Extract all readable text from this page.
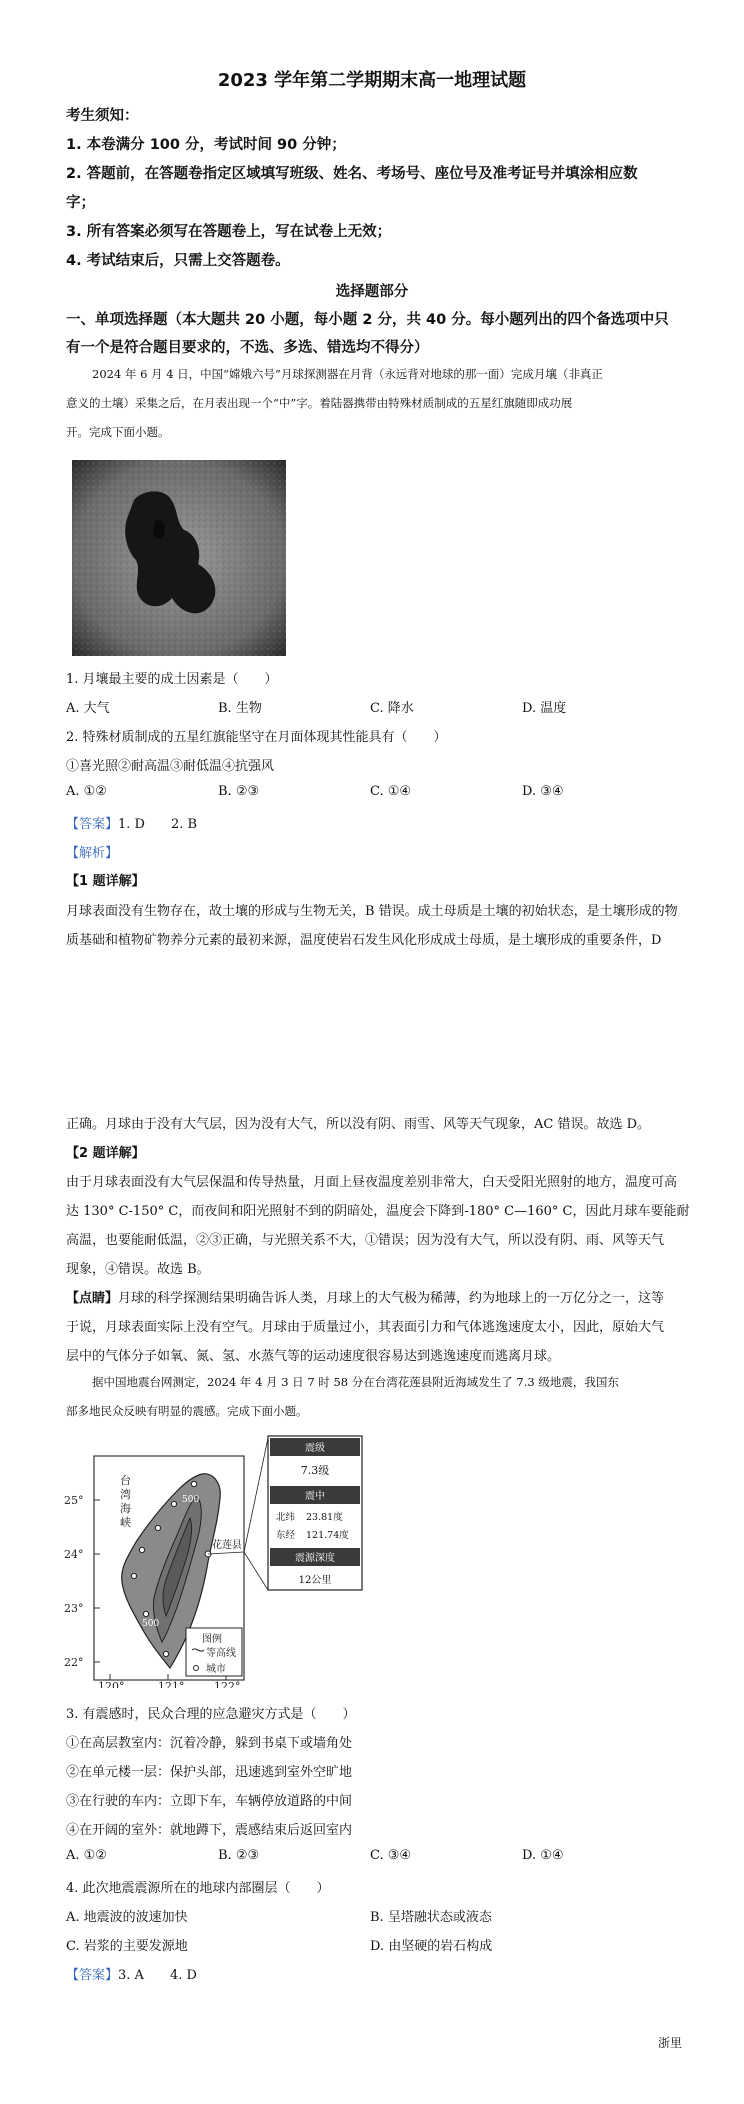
2023 学年第二学期期末高一地理试题
考生须知：
1. 本卷满分 100 分，考试时间 90 分钟；
2. 答题前，在答题卷指定区域填写班级、姓名、考场号、座位号及准考证号并填涂相应数
字；
3. 所有答案必须写在答题卷上，写在试卷上无效；
4. 考试结束后，只需上交答题卷。
选择题部分
一、单项选择题（本大题共 20 小题，每小题 2 分，共 40 分。每小题列出的四个备选项中只
有一个是符合题目要求的，不选、多选、错选均不得分）
2024 年 6 月 4 日，中国“嫦娥六号”月球探测器在月背（永远背对地球的那一面）完成月壤（非真正
意义的土壤）采集之后，在月表出现一个“中”字。着陆器携带由特殊材质制成的五星红旗随即成功展
开。完成下面小题。
1. 月壤最主要的成土因素是（　　）
A. 大气	B. 生物	C. 降水	D. 温度
2. 特殊材质制成的五星红旗能坚守在月面体现其性能具有（　　）
①喜光照②耐高温③耐低温④抗强风
A. ①②	B. ②③	C. ①④	D. ③④
【答案】1. D　　2. B
【解析】
【1 题详解】
月球表面没有生物存在，故土壤的形成与生物无关，B 错误。成土母质是土壤的初始状态，是土壤形成的物
质基础和植物矿物养分元素的最初来源，温度使岩石发生风化形成成土母质，是土壤形成的重要条件，D
正确。月球由于没有大气层，因为没有大气，所以没有阴、雨雪、风等天气现象，AC 错误。故选 D。
【2 题详解】
由于月球表面没有大气层保温和传导热量，月面上昼夜温度差别非常大，白天受阳光照射的地方，温度可高
达 130° C-150° C，而夜间和阳光照射不到的阴暗处，温度会下降到-180° C—160° C，因此月球车要能耐
高温，也要能耐低温，②③正确，与光照关系不大，①错误；因为没有大气，所以没有阴、雨、风等天气
现象，④错误。故选 B。
【点睛】月球的科学探测结果明确告诉人类，月球上的大气极为稀薄，约为地球上的一万亿分之一，这等
于说，月球表面实际上没有空气。月球由于质量过小，其表面引力和气体逃逸速度太小，因此，原始大气
层中的气体分子如氧、氮、氢、水蒸气等的运动速度很容易达到逃逸速度而逃离月球。
据中国地震台网测定，2024 年 4 月 3 日 7 时 58 分在台湾花莲县附近海域发生了 7.3 级地震，我国东
部多地民众反映有明显的震感。完成下面小题。
25°
24°
23°
22°
120°	121°	122°
500
500
台
湾
海
峡
花莲县
图例
等高线
城市
震级
7.3级
震中
北纬 23.81度
东经 121.74度
震源深度
12公里
3. 有震感时，民众合理的应急避灾方式是（　　）
①在高层教室内：沉着冷静，躲到书桌下或墙角处
②在单元楼一层：保护头部，迅速逃到室外空旷地
③在行驶的车内：立即下车，车辆停放道路的中间
④在开阔的室外：就地蹲下，震感结束后返回室内
A. ①②	B. ②③	C. ③④	D. ①④
4. 此次地震震源所在的地球内部圈层（　　）
A. 地震波的波速加快	B. 呈塔融状态或液态
C. 岩浆的主要发源地	D. 由坚硬的岩石构成
【答案】3. A　　4. D
浙里
